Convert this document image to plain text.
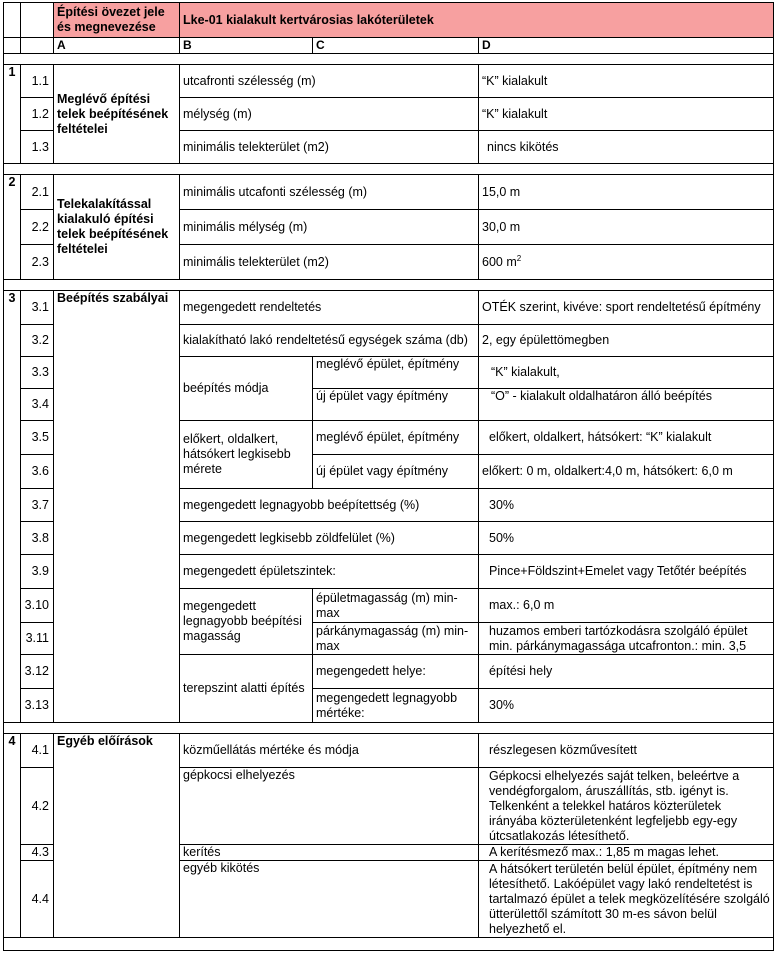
		Építési övezet jele és megnevezése	Lke-01 kialakult kertvárosias lakóterületek		
		A	B	C	D

1	1.1	Meglévő építési telek beépítésének feltételei	utcafronti szélesség (m)		“K” kialakult
	1.2		mélység (m)		“K” kialakult
	1.3		minimális telekterület (m2)		nincs kikötés

2	2.1	Telekalakítással kialakuló építési telek beépítésének feltételei	minimális utcafonti szélesség (m)		15,0 m
	2.2		minimális mélység (m)		30,0 m
	2.3		minimális telekterület (m2)		600 $m^2$

3	3.1	Beépítés szabályai	megengedett rendeltetés		OTÉK szerint, kivéve: sport rendeltetésű építmény
	3.2		kialakítható lakó rendeltetésű egységek száma (db)		2, egy épülettömegben
	3.3		beépítés módja	meglévő épület, építmény	“K” kialakult,
	3.4			új épület vagy építmény	“O” - kialakult oldalhatáron álló beépítés
	3.5		előkert, oldalkert, hátsókert legkisebb mérete	meglévő épület, építmény	előkert, oldalkert, hátsókert: “K” kialakult
	3.6			új épület vagy építmény	előkert: 0 m, oldalkert:4,0 m, hátsókert: 6,0 m
	3.7		megengedett legnagyobb beépítettség (%)		30%
	3.8		megengedett legkisebb zöldfelület (%)		50%
	3.9		megengedett épületszintek:		Pince+Földszint+Emelet vagy Tetőtér beépítés
	3.10		megengedett legnagyobb beépítési magasság	épületmagasság (m) min-max	max.: 6,0 m
	3.11			párkánymagasság (m) min-max	huzamos emberi tartózkodásra szolgáló épület min. párkánymagassága utcafronton.: min. 3,5
	3.12		terepszint alatti építés	megengedett helye:	építési hely
	3.13			megengedett legnagyobb mértéke:	30%

4	4.1	Egyéb előírások	közműellátás mértéke és módja		részlegesen közművesített
	4.2		gépkocsi elhelyezés		Gépkocsi elhelyezés saját telken, beleértve a vendégforgalom, áruszállítás, stb. igényt is. Telkenként a telekkel határos közterületek irányába közterületenként legfeljebb egy-egy útcsatlakozás létesíthető.
	4.3		kerítés		A kerítésmező max.: 1,85 m magas lehet.
	4.4		egyéb kikötés		A hátsókert területén belül épület, építmény nem létesíthető. Lakóépület vagy lakó rendeltetést is tartalmazó épület a telek megközelítésére szolgáló ütterülettől számított 30 m-es sávon belül helyezhető el.
